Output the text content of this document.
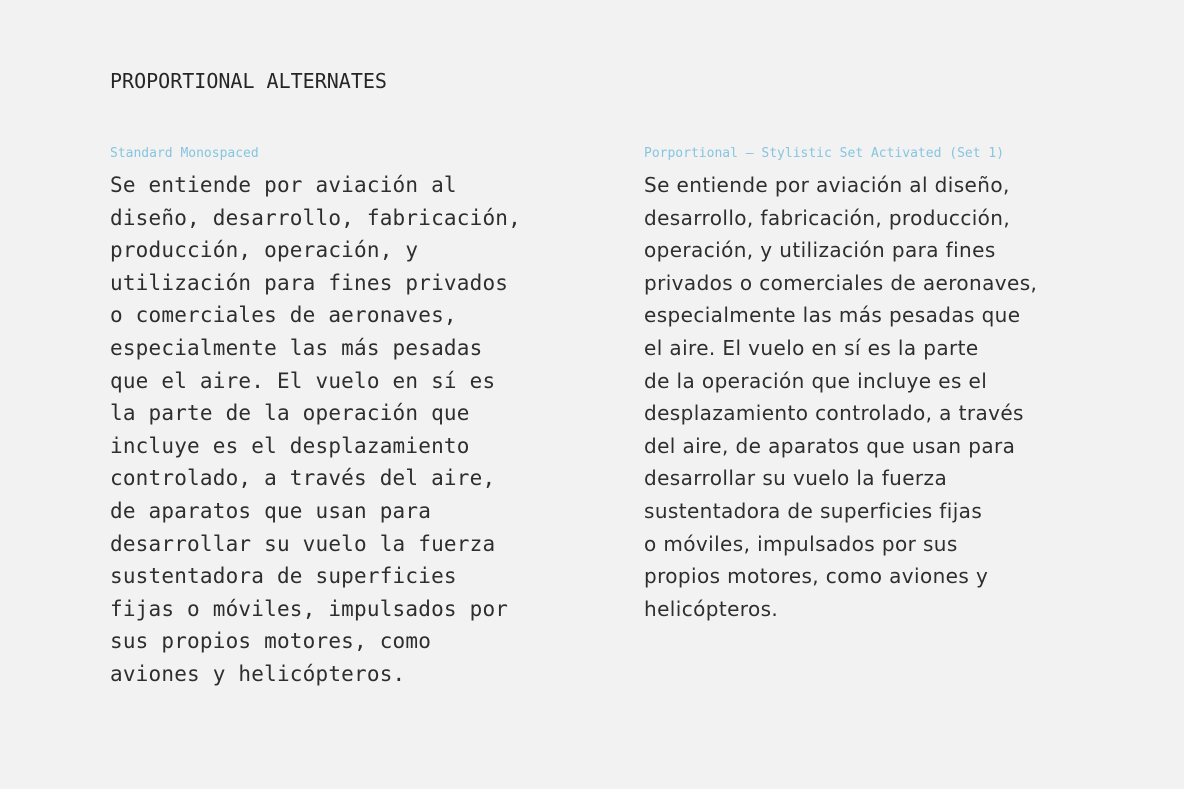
PROPORTIONAL ALTERNATES

Standard Monospaced

Se entiende por aviación al
diseño, desarrollo, fabricación,
producción, operación, y
utilización para fines privados
o comerciales de aeronaves,
especialmente las más pesadas
que el aire. El vuelo en sí es
la parte de la operación que
incluye es el desplazamiento
controlado, a través del aire,
de aparatos que usan para
desarrollar su vuelo la fuerza
sustentadora de superficies
fijas o móviles, impulsados por
sus propios motores, como
aviones y helicópteros.

Porportional – Stylistic Set Activated (Set 1)

Se entiende por aviación al diseño,
desarrollo, fabricación, producción,
operación, y utilización para fines
privados o comerciales de aeronaves,
especialmente las más pesadas que
el aire. El vuelo en sí es la parte
de la operación que incluye es el
desplazamiento controlado, a través
del aire, de aparatos que usan para
desarrollar su vuelo la fuerza
sustentadora de superficies fijas
o móviles, impulsados por sus
propios motores, como aviones y
helicópteros.
